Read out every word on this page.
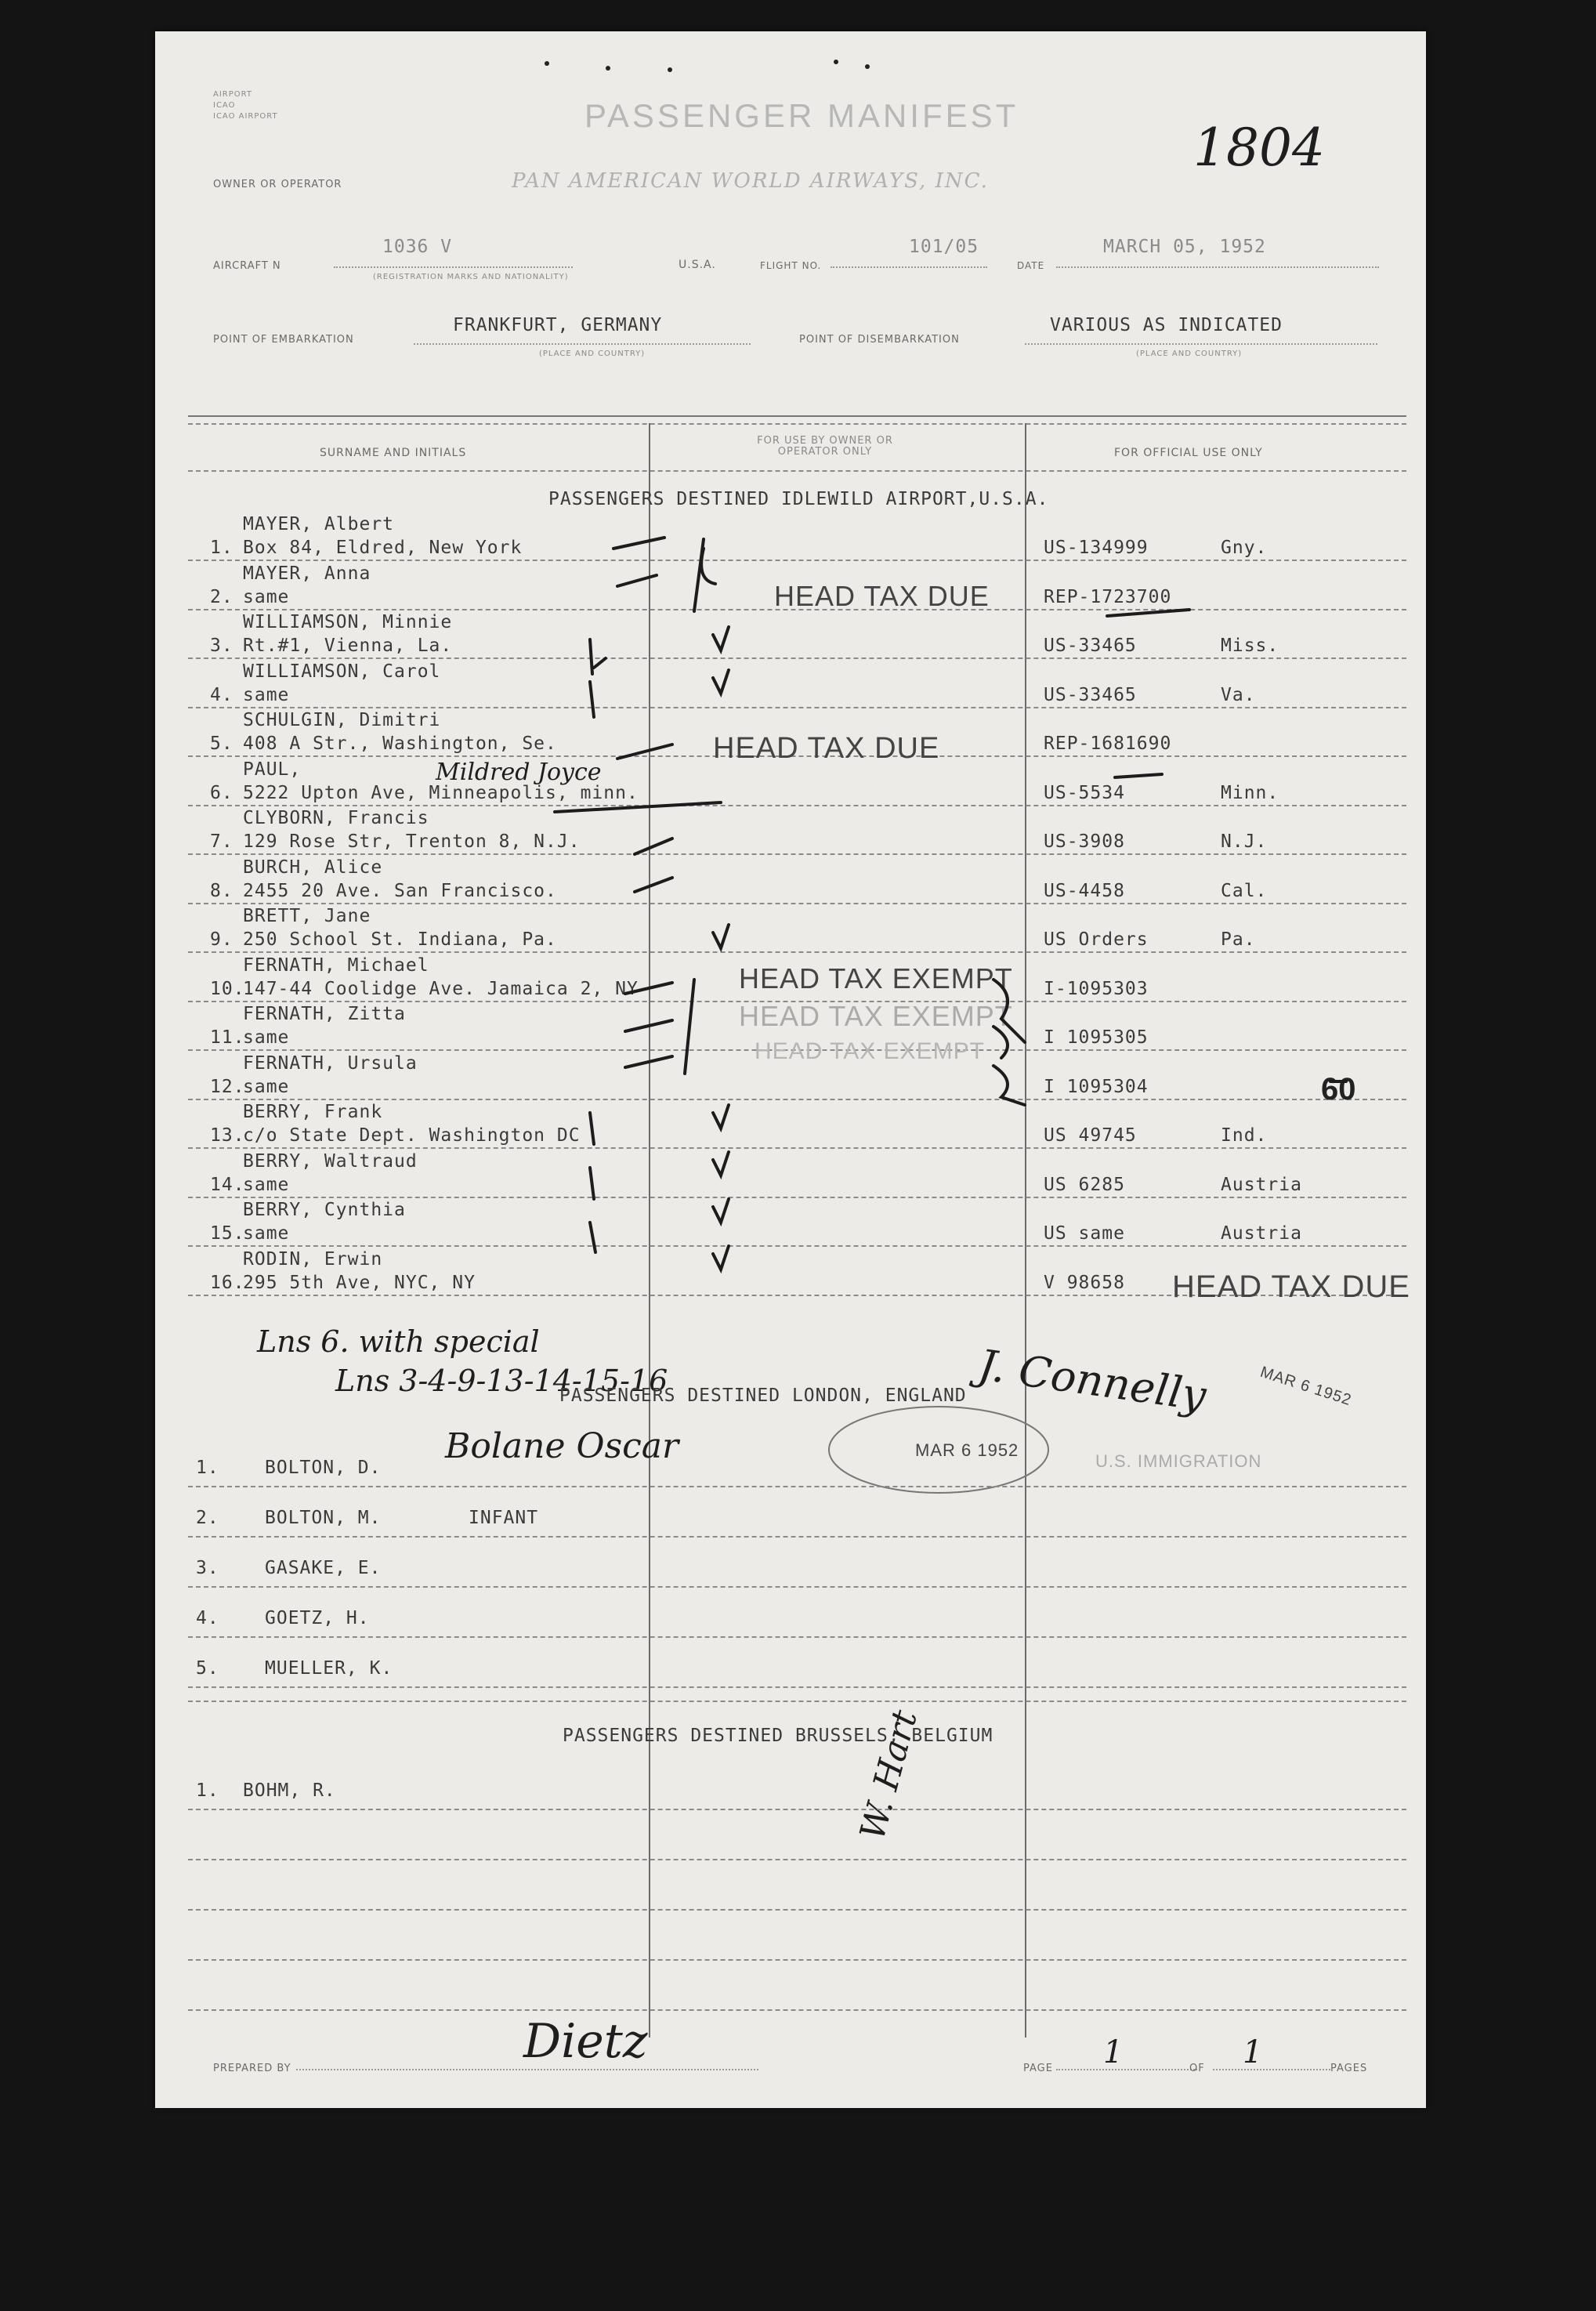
AIRPORT
ICAO
ICAO AIRPORT	PASSENGER MANIFEST
1804
OWNER OR OPERATOR	PAN AMERICAN WORLD AIRWAYS, INC.
AIRCRAFT N
1036 V
(REGISTRATION MARKS AND NATIONALITY)
U.S.A.	FLIGHT NO.
101/05
DATE
MARCH 05, 1952
POINT OF EMBARKATION
FRANKFURT, GERMANY
(PLACE AND COUNTRY)
POINT OF DISEMBARKATION
VARIOUS AS INDICATED
(PLACE AND COUNTRY)
SURNAME AND INITIALS
FOR USE BY OWNER OR OPERATOR ONLY	FOR OFFICIAL USE ONLY
PASSENGERS DESTINED IDLEWILD AIRPORT,U.S.A.
MAYER, Albert
1. Box 84, Eldred, New York	US-134999	Gny.
MAYER, Anna
2. same	REP-1723700
WILLIAMSON, Minnie
3. Rt.#1, Vienna, La.	US-33465	Miss.
WILLIAMSON, Carol
4. same	US-33465	Va.
SCHULGIN, Dimitri
5. 408 A Str., Washington, Se.	REP-1681690
PAUL,
6. 5222 Upton Ave, Minneapolis, minn.	US-5534	Minn.
CLYBORN, Francis
7. 129 Rose Str, Trenton 8, N.J.	US-3908	N.J.
BURCH, Alice
8. 2455 20 Ave. San Francisco.	US-4458	Cal.
BRETT, Jane
9. 250 School St. Indiana, Pa.	US Orders	Pa.
FERNATH, Michael
10.
147-44 Coolidge Ave. Jamaica 2, NY	I-1095303
FERNATH, Zitta
11.
same	I 1095305
FERNATH, Ursula
12.
same	I 1095304
BERRY, Frank
13.
c/o State Dept. Washington DC	US 49745	Ind.
BERRY, Waltraud
14.
same	US 6285	Austria
BERRY, Cynthia
15.
same	US same	Austria
RODIN, Erwin
16.
295 5th Ave, NYC, NY	V 98658
HEAD TAX DUE
HEAD TAX DUE
HEAD TAX EXEMPT
HEAD TAX EXEMPT
HEAD TAX EXEMPT
60
HEAD TAX DUE
Mildred Joyce
Lns 6. with special
Lns 3-4-9-13-14-15-16	J. Connelly	MAR 6 1952
U.S. IMMIGRATION
PASSENGERS DESTINED LONDON, ENGLAND
MAR 6 1952
1.	BOLTON, D.
2.	BOLTON, M.	INFANT
3.	GASAKE, E.
4.	GOETZ, H.
5.	MUELLER, K.
Bolane Oscar
PASSENGERS DESTINED BRUSSELS, BELGIUM
1. BOHM, R.	W. Hart
PREPARED BY	Dietz	PAGE 1	OF 1	PAGES
